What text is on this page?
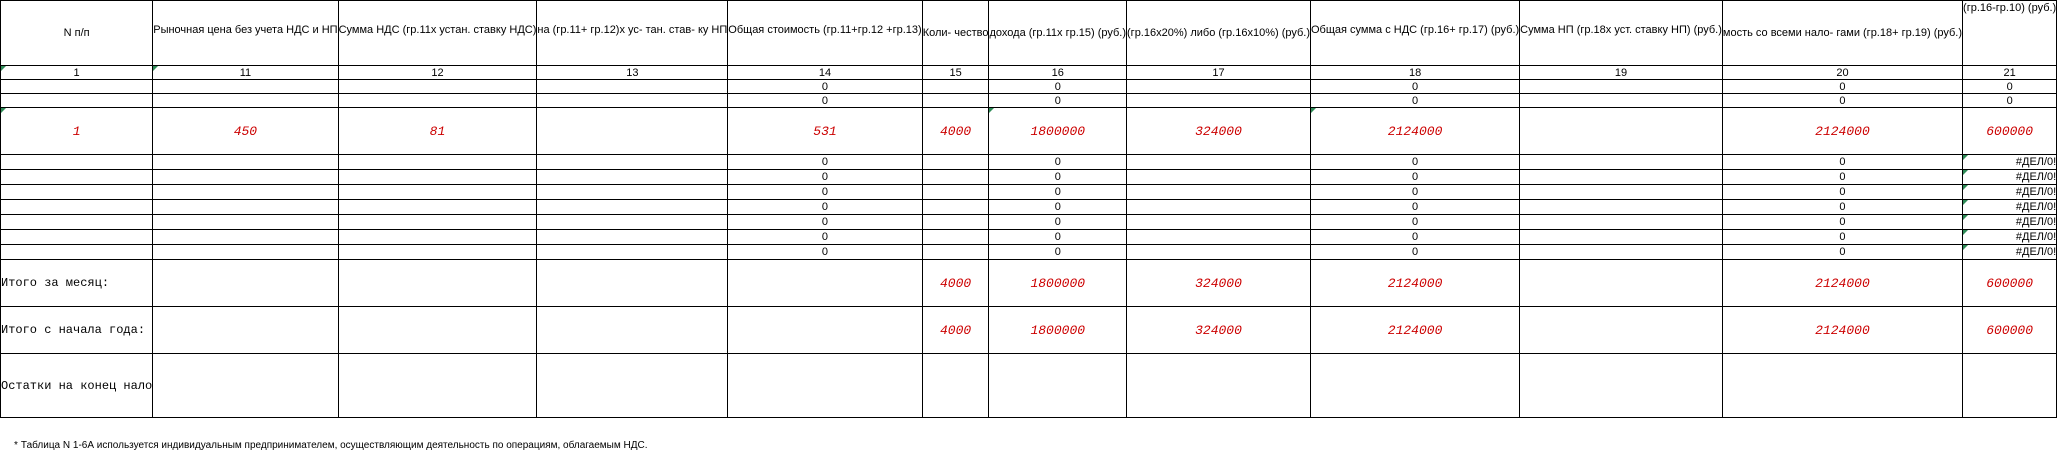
N п/п	Рыночная цена без учета НДС и НП	Сумма НДС (гр.11х устан. ставку НДС)	на (гр.11+ гр.12)х ус- тан. став- ку НП	Общая стоимость (гр.11+гр.12 +гр.13)	Коли- чество	дохода (гр.11х гр.15) (руб.)	(гр.16х20%) либо (гр.16х10%) (руб.)	Общая сумма с НДС (гр.16+ гр.17) (руб.)	Сумма НП (гр.18х уст. ставку НП) (руб.)	мость со всеми нало- гами (гр.18+ гр.19) (руб.)	(гр.16-гр.10) (руб.)
1	11	12	13	14	15	16	17	18	19	20	21
				0		0		0		0	0
				0		0		0		0	0
1	450	81		531	4000	1800000	324000	2124000		2124000	600000
				0		0		0		0	#ДЕЛ/0!
				0		0		0		0	#ДЕЛ/0!
				0		0		0		0	#ДЕЛ/0!
				0		0		0		0	#ДЕЛ/0!
				0		0		0		0	#ДЕЛ/0!
				0		0		0		0	#ДЕЛ/0!
				0		0		0		0	#ДЕЛ/0!
Итого за месяц:					4000	1800000	324000	2124000		2124000	600000
Итого с начала года:					4000	1800000	324000	2124000		2124000	600000
Остатки на конец нало											
* Таблица N 1-6А используется индивидуальным предпринимателем, осуществляющим деятельность по операциям, облагаемым НДС.
